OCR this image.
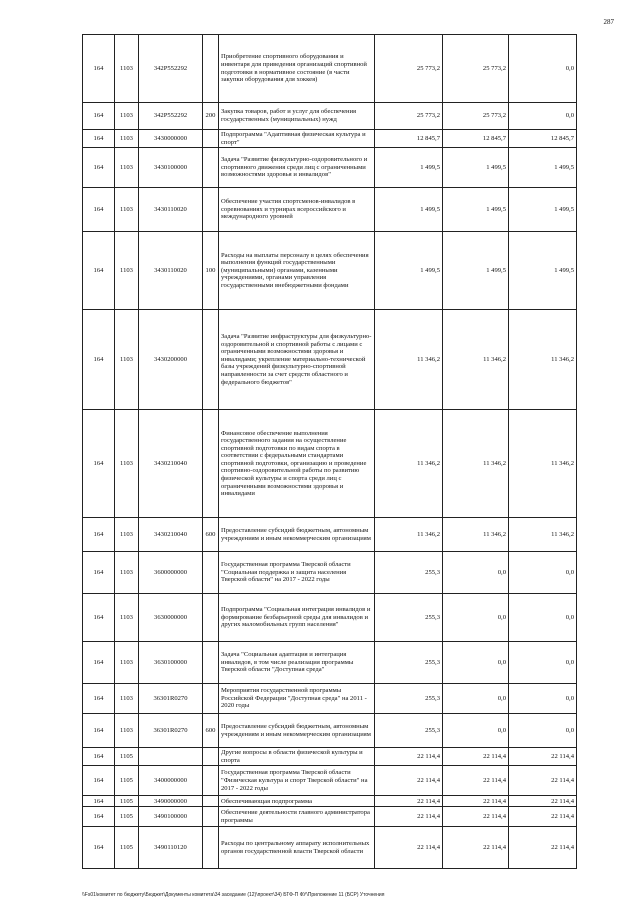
287
164	1103	342P552292		Приобретение спортивного оборудования и инвентаря для приведения организаций спортивной подготовки в нормативное состояние (в части закупки оборудования для хоккея)	25 773,2	25 773,2	0,0
164	1103	342P552292	200	Закупка товаров, работ и услуг для обеспечения государственных (муниципальных) нужд	25 773,2	25 773,2	0,0
164	1103	3430000000		Подпрограмма "Адаптивная физическая культура и спорт"	12 845,7	12 845,7	12 845,7
164	1103	3430100000		Задача "Развитие физкультурно-оздоровительного и спортивного движения среди лиц с ограниченными возможностями здоровья и инвалидов"	1 499,5	1 499,5	1 499,5
164	1103	3430110020		Обеспечение участия спортсменов-инвалидов в соревнованиях и турнирах всероссийского и международного уровней	1 499,5	1 499,5	1 499,5
164	1103	3430110020	100	Расходы на выплаты персоналу в целях обеспечения выполнения функций государственными (муниципальными) органами, казенными учреждениями, органами управления государственными внебюджетными фондами	1 499,5	1 499,5	1 499,5
164	1103	3430200000		Задача "Развитие инфраструктуры для физкультурно-оздоровительной и спортивной работы с лицами с ограниченными возможностями здоровья и инвалидами; укрепление материально-технической базы учреждений физкультурно-спортивной направленности за счет средств областного и федерального бюджетов"	11 346,2	11 346,2	11 346,2
164	1103	3430210040		Финансовое обеспечение выполнения государственного задания на осуществление спортивной подготовки по видам спорта в соответствии с федеральными стандартами спортивной подготовки, организацию и проведение спортивно-оздоровительной работы по развитию физической культуры и спорта среди лиц с ограниченными возможностями здоровья и инвалидами	11 346,2	11 346,2	11 346,2
164	1103	3430210040	600	Предоставление субсидий бюджетным, автономным учреждениям и иным некоммерческим организациям	11 346,2	11 346,2	11 346,2
164	1103	3600000000		Государственная программа Тверской области "Социальная поддержка и защита населения Тверской области" на 2017 - 2022 годы	255,3	0,0	0,0
164	1103	3630000000		Подпрограмма "Социальная интеграция инвалидов и формирование безбарьерной среды для инвалидов и других маломобильных групп населения"	255,3	0,0	0,0
164	1103	3630100000		Задача "Социальная адаптация и интеграция инвалидов, в том числе реализация программы Тверской области "Доступная среда"	255,3	0,0	0,0
164	1103	36301R0270		Мероприятия государственной программы Российской Федерации "Доступная среда" на 2011 - 2020 годы	255,3	0,0	0,0
164	1103	36301R0270	600	Предоставление субсидий бюджетным, автономным учреждениям и иным некоммерческим организациям	255,3	0,0	0,0
164	1105			Другие вопросы в области физической культуры и спорта	22 114,4	22 114,4	22 114,4
164	1105	3400000000		Государственная программа Тверской области "Физическая культура и спорт Тверской области" на 2017 - 2022 годы	22 114,4	22 114,4	22 114,4
164	1105	3490000000		Обеспечивающая подпрограмма	22 114,4	22 114,4	22 114,4
164	1105	3490100000		Обеспечение деятельности главного администратора программы	22 114,4	22 114,4	22 114,4
164	1105	3490110120		Расходы по центральному аппарату исполнительных органов государственной власти Тверской области	22 114,4	22 114,4	22 114,4
\\Fs01\комитет по бюджету\Бюджет\Документы комитета\34 заседание (12)\проект\34) БТФ-П ФУ\Приложение 11 (БСР) Уточнения
